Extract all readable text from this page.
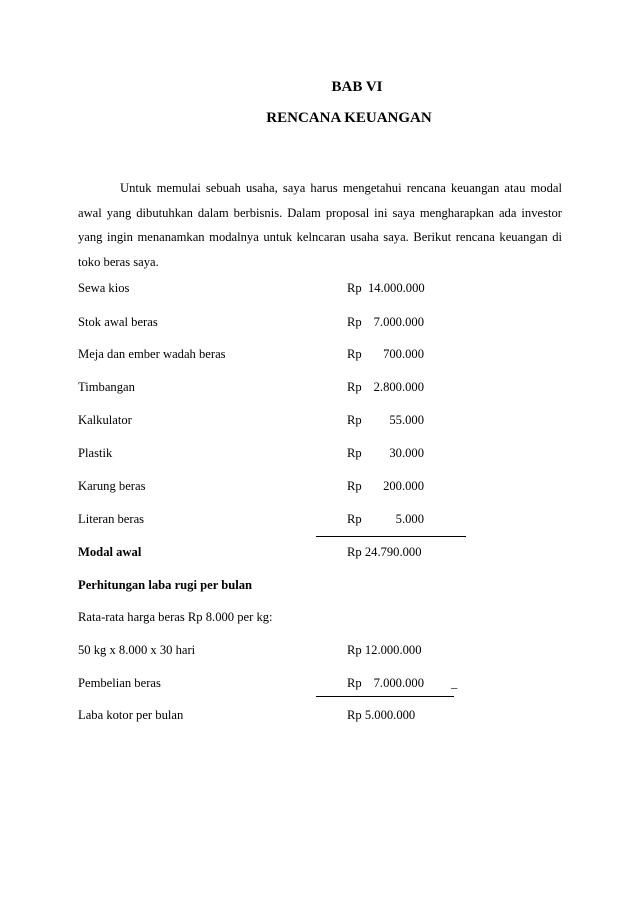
BAB VI
RENCANA KEUANGAN

Untuk memulai sebuah usaha, saya harus mengetahui rencana keuangan atau modal awal yang dibutuhkan dalam berbisnis. Dalam proposal ini saya mengharapkan ada investor yang ingin menanamkan modalnya untuk kelncaran usaha saya. Berikut rencana keuangan di toko beras saya.

Sewa kios	Rp 14.000.000
Stok awal beras	Rp 7.000.000
Meja dan ember wadah beras	Rp	700.000
Timbangan	Rp 2.800.000
Kalkulator	Rp	55.000
Plastik	Rp	30.000
Karung beras	Rp	200.000
Literan beras	Rp	5.000
Modal awal	Rp 24.790.000
Perhitungan laba rugi per bulan
Rata-rata harga beras Rp 8.000 per kg:
50 kg x 8.000 x 30 hari	Rp 12.000.000
Pembelian beras	Rp 7.000.000 _
Laba kotor per bulan	Rp 5.000.000
